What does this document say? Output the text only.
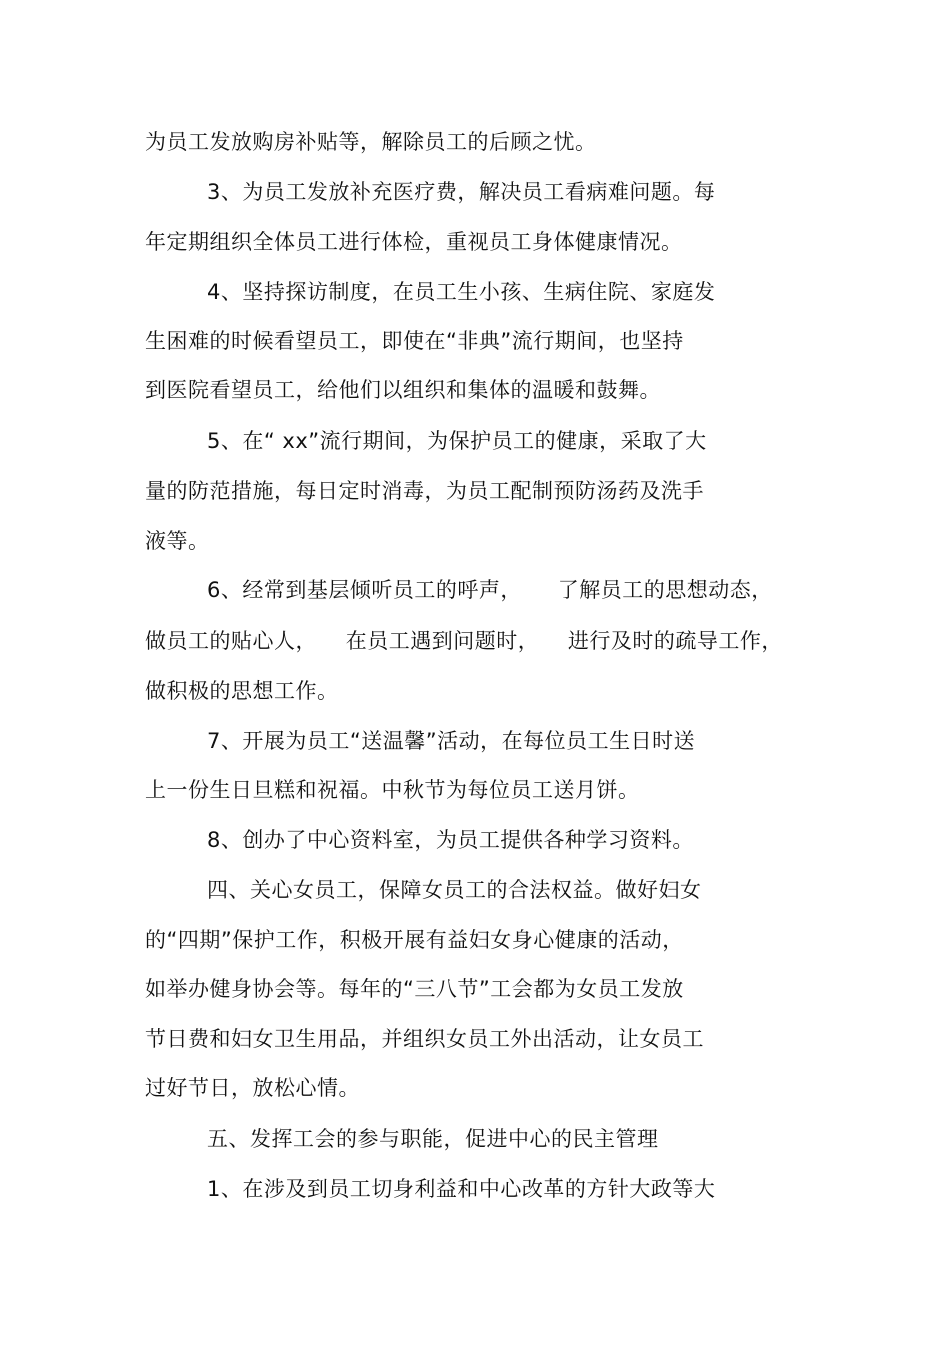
为员工发放购房补贴等，解除员工的后顾之忧。
3、为员工发放补充医疗费，解决员工看病难问题。每
年定期组织全体员工进行体检，重视员工身体健康情况。
4、坚持探访制度，在员工生小孩、生病住院、家庭发
生困难的时候看望员工，即使在“非典”流行期间，也坚持
到医院看望员工，给他们以组织和集体的温暖和鼓舞。
5、在“ xx”流行期间，为保护员工的健康，采取了大
量的防范措施，每日定时消毒，为员工配制预防汤药及洗手
液等。
6、经常到基层倾听员工的呼声，     了解员工的思想动态，
做员工的贴心人，    在员工遇到问题时，    进行及时的疏导工作，
做积极的思想工作。
7、开展为员工“送温馨”活动，在每位员工生日时送
上一份生日旦糕和祝福。中秋节为每位员工送月饼。
8、创办了中心资料室，为员工提供各种学习资料。
四、关心女员工，保障女员工的合法权益。做好妇女
的“四期”保护工作，积极开展有益妇女身心健康的活动，
如举办健身协会等。每年的“三八节”工会都为女员工发放
节日费和妇女卫生用品，并组织女员工外出活动，让女员工
过好节日，放松心情。
五、发挥工会的参与职能，促进中心的民主管理
1、在涉及到员工切身利益和中心改革的方针大政等大
